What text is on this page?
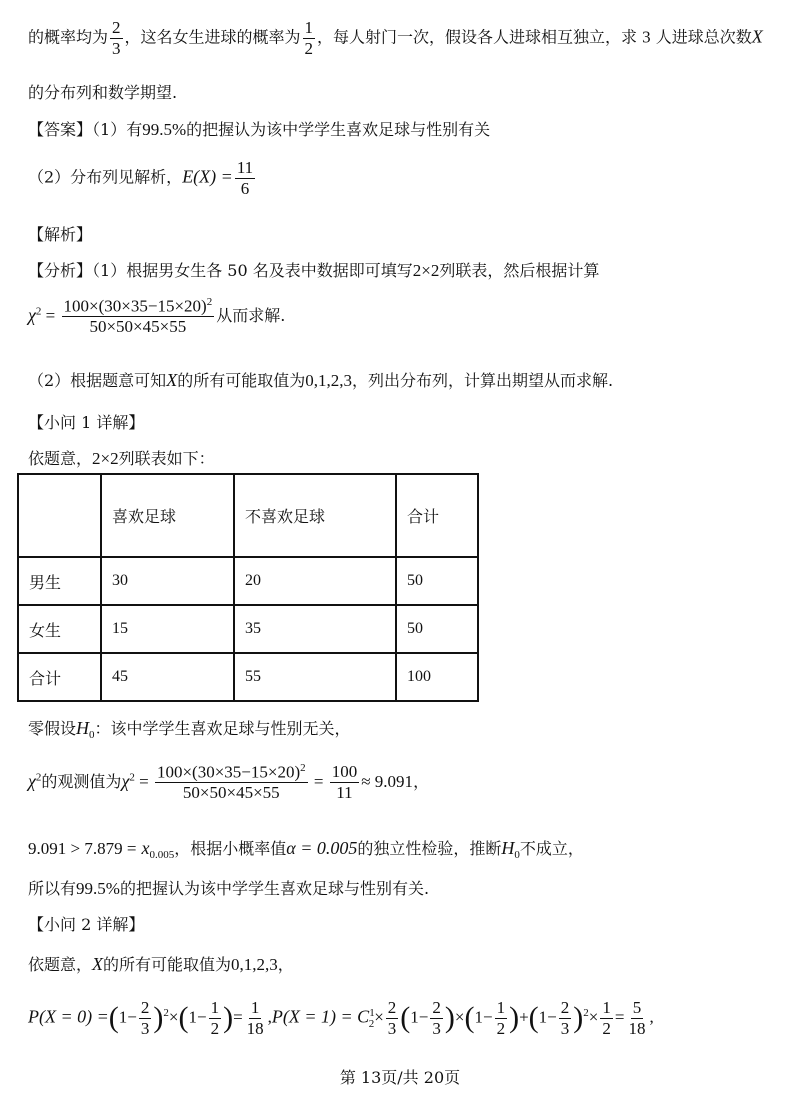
的概率均为 $\frac{2}{3}$ ，这名女生进球的概率为 $\frac{1}{2}$ ，每人射门一次，假设各人进球相互独立，求 3 人进球总次数X
的分布列和数学期望.
【答案】（1）有99.5%的把握认为该中学学生喜欢足球与性别有关
（2）分布列见解析，$E(X) = \frac{11}{6}$
【解析】
【分析】（1）根据男女生各 50 名及表中数据即可填写2×2列联表，然后根据计算
$\chi^2 = \frac{100\times(30\times 35-15\times 20)^2}{50\times 50\times 45\times 55}$ 从而求解.
（2）根据题意可知X的所有可能取值为0,1,2,3，列出分布列，计算出期望从而求解.
【小问 1 详解】
依题意，2×2列联表如下：
	喜欢足球	不喜欢足球	合计
男生	30	20	50
女生	15	35	50
合计	45	55	100
零假设$H_0$：该中学学生喜欢足球与性别无关，
$\chi^2$的观测值为$\chi^2 = \frac{100\times(30\times 35-15\times 20)^2}{50\times 50\times 45\times 55} = \frac{100}{11} \approx 9.091$，
$9.091 > 7.879 = x_{0.005}$，根据小概率值α = 0.005的独立性检验，推断$H_0$不成立，
所以有99.5%的把握认为该中学学生喜欢足球与性别有关.
【小问 2 详解】
依题意，X的所有可能取值为0,1,2,3，
$P(X = 0) =(1- \frac{2}{3} )^2\times(1- \frac{1}{2}$ )= $\frac{1}{18} ,P(X = 1) = C^1_2\times \frac{2}{3} (1- \frac{2}{3} )\times(1- \frac{1}{2} )+(1- \frac{2}{3} )^2\times \frac{1}{2} = \frac{5}{18}$ ,
第 13页/共 20页
